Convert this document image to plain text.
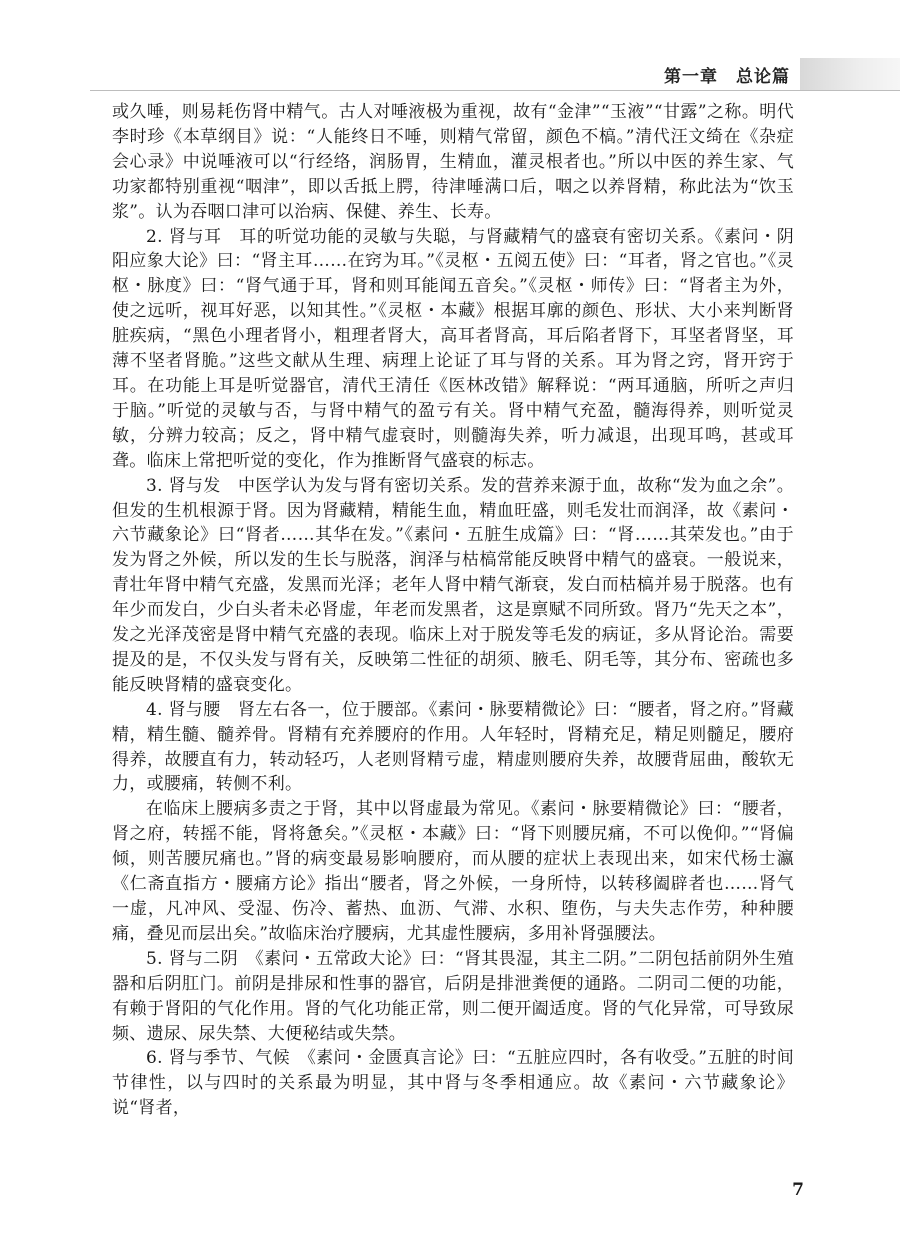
第一章　总论篇

或久唾，则易耗伤肾中精气。古人对唾液极为重视，故有“金津”“玉液”“甘露”之称。明代李时珍《本草纲目》说：“人能终日不唾，则精气常留，颜色不槁。”清代汪文绮在《杂症会心录》中说唾液可以“行经络，润肠胃，生精血，灌灵根者也。”所以中医的养生家、气功家都特别重视“咽津”，即以舌抵上腭，待津唾满口后，咽之以养肾精，称此法为“饮玉浆”。认为吞咽口津可以治病、保健、养生、长寿。

2. 肾与耳　耳的听觉功能的灵敏与失聪，与肾藏精气的盛衰有密切关系。《素问・阴阳应象大论》曰：“肾主耳……在窍为耳。”《灵枢・五阅五使》曰：“耳者，肾之官也。”《灵枢・脉度》曰：“肾气通于耳，肾和则耳能闻五音矣。”《灵枢・师传》曰：“肾者主为外，使之远听，视耳好恶，以知其性。”《灵枢・本藏》根据耳廓的颜色、形状、大小来判断肾脏疾病，“黑色小理者肾小，粗理者肾大，高耳者肾高，耳后陷者肾下，耳坚者肾坚，耳薄不坚者肾脆。”这些文献从生理、病理上论证了耳与肾的关系。耳为肾之窍，肾开窍于耳。在功能上耳是听觉器官，清代王清任《医林改错》解释说：“两耳通脑，所听之声归于脑。”听觉的灵敏与否，与肾中精气的盈亏有关。肾中精气充盈，髓海得养，则听觉灵敏，分辨力较高；反之，肾中精气虚衰时，则髓海失养，听力减退，出现耳鸣，甚或耳聋。临床上常把听觉的变化，作为推断肾气盛衰的标志。

3. 肾与发　中医学认为发与肾有密切关系。发的营养来源于血，故称“发为血之余”。但发的生机根源于肾。因为肾藏精，精能生血，精血旺盛，则毛发壮而润泽，故《素问・六节藏象论》曰“肾者……其华在发。”《素问・五脏生成篇》曰：“肾……其荣发也。”由于发为肾之外候，所以发的生长与脱落，润泽与枯槁常能反映肾中精气的盛衰。一般说来，青壮年肾中精气充盛，发黑而光泽；老年人肾中精气渐衰，发白而枯槁并易于脱落。也有年少而发白，少白头者未必肾虚，年老而发黑者，这是禀赋不同所致。肾乃“先天之本”，发之光泽茂密是肾中精气充盛的表现。临床上对于脱发等毛发的病证，多从肾论治。需要提及的是，不仅头发与肾有关，反映第二性征的胡须、腋毛、阴毛等，其分布、密疏也多能反映肾精的盛衰变化。

4. 肾与腰　肾左右各一，位于腰部。《素问・脉要精微论》曰：“腰者，肾之府。”肾藏精，精生髓、髓养骨。肾精有充养腰府的作用。人年轻时，肾精充足，精足则髓足，腰府得养，故腰直有力，转动轻巧，人老则肾精亏虚，精虚则腰府失养，故腰背屈曲，酸软无力，或腰痛，转侧不利。

在临床上腰病多责之于肾，其中以肾虚最为常见。《素问・脉要精微论》曰：“腰者，肾之府，转摇不能，肾将惫矣。”《灵枢・本藏》曰：“肾下则腰尻痛，不可以俛仰。”“肾偏倾，则苦腰尻痛也。”肾的病变最易影响腰府，而从腰的症状上表现出来，如宋代杨士瀛《仁斋直指方・腰痛方论》指出“腰者，肾之外候，一身所恃，以转移阖辟者也……肾气一虚，凡冲风、受湿、伤冷、蓄热、血沥、气滞、水积、堕伤，与夫失志作劳，种种腰痛，叠见而层出矣。”故临床治疗腰病，尤其虚性腰病，多用补肾强腰法。

5. 肾与二阴　《素问・五常政大论》曰：“肾其畏湿，其主二阴。”二阴包括前阴外生殖器和后阴肛门。前阴是排尿和性事的器官，后阴是排泄粪便的通路。二阴司二便的功能，有赖于肾阳的气化作用。肾的气化功能正常，则二便开阖适度。肾的气化异常，可导致尿频、遗尿、尿失禁、大便秘结或失禁。

6. 肾与季节、气候　《素问・金匮真言论》曰：“五脏应四时，各有收受。”五脏的时间节律性，以与四时的关系最为明显，其中肾与冬季相通应。故《素问・六节藏象论》说“肾者，

7
